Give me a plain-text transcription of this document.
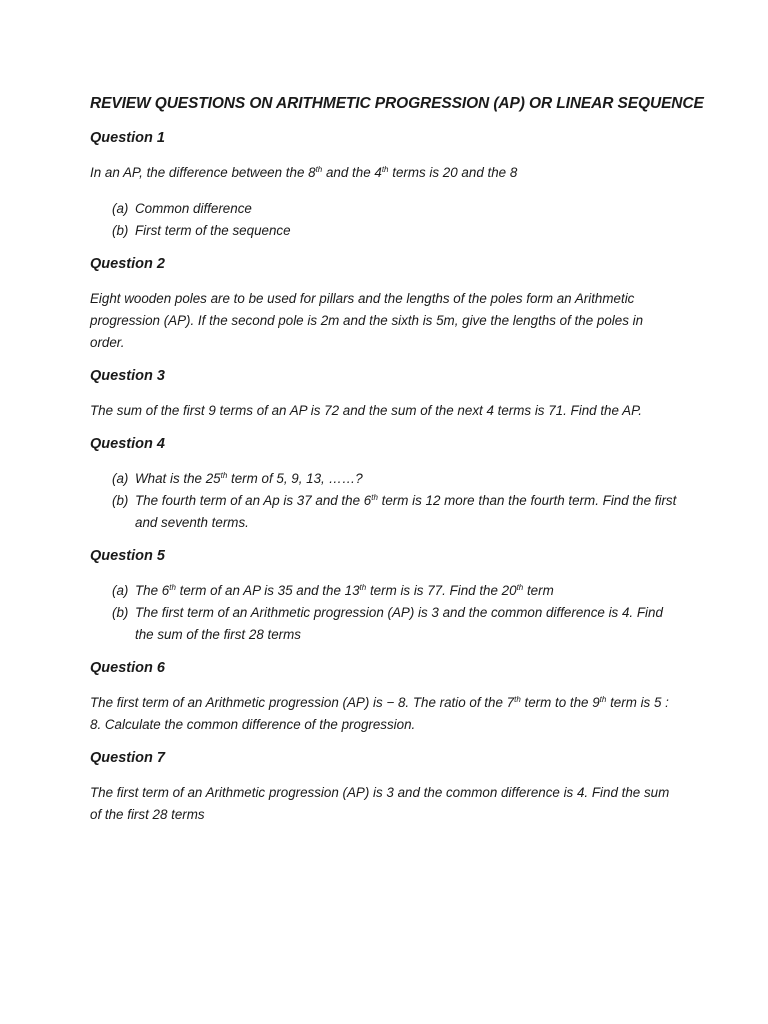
REVIEW QUESTIONS ON ARITHMETIC PROGRESSION (AP) OR LINEAR SEQUENCE
Question 1

In an AP, the difference between the 8th and the 4th terms is 20 and the 8

(a) Common difference
(b) First term of the sequence
Question 2

Eight wooden poles are to be used for pillars and the lengths of the poles form an Arithmetic progression (AP). If the second pole is 2m and the sixth is 5m, give the lengths of the poles in order.

Question 3

The sum of the first 9 terms of an AP is 72 and the sum of the next 4 terms is 71. Find the AP.

Question 4
(a) What is the 25th term of 5, 9, 13, ……?
(b) The fourth term of an Ap is 37 and the 6th term is 12 more than the fourth term. Find the first and seventh terms.
Question 5
(a) The 6th term of an AP is 35 and the 13th term is is 77. Find the 20th term
(b) The first term of an Arithmetic progression (AP) is 3 and the common difference is 4. Find the sum of the first 28 terms
Question 6

The first term of an Arithmetic progression (AP) is − 8. The ratio of the 7th term to the 9th term is 5 : 8. Calculate the common difference of the progression.

Question 7

The first term of an Arithmetic progression (AP) is 3 and the common difference is 4. Find the sum of the first 28 terms
